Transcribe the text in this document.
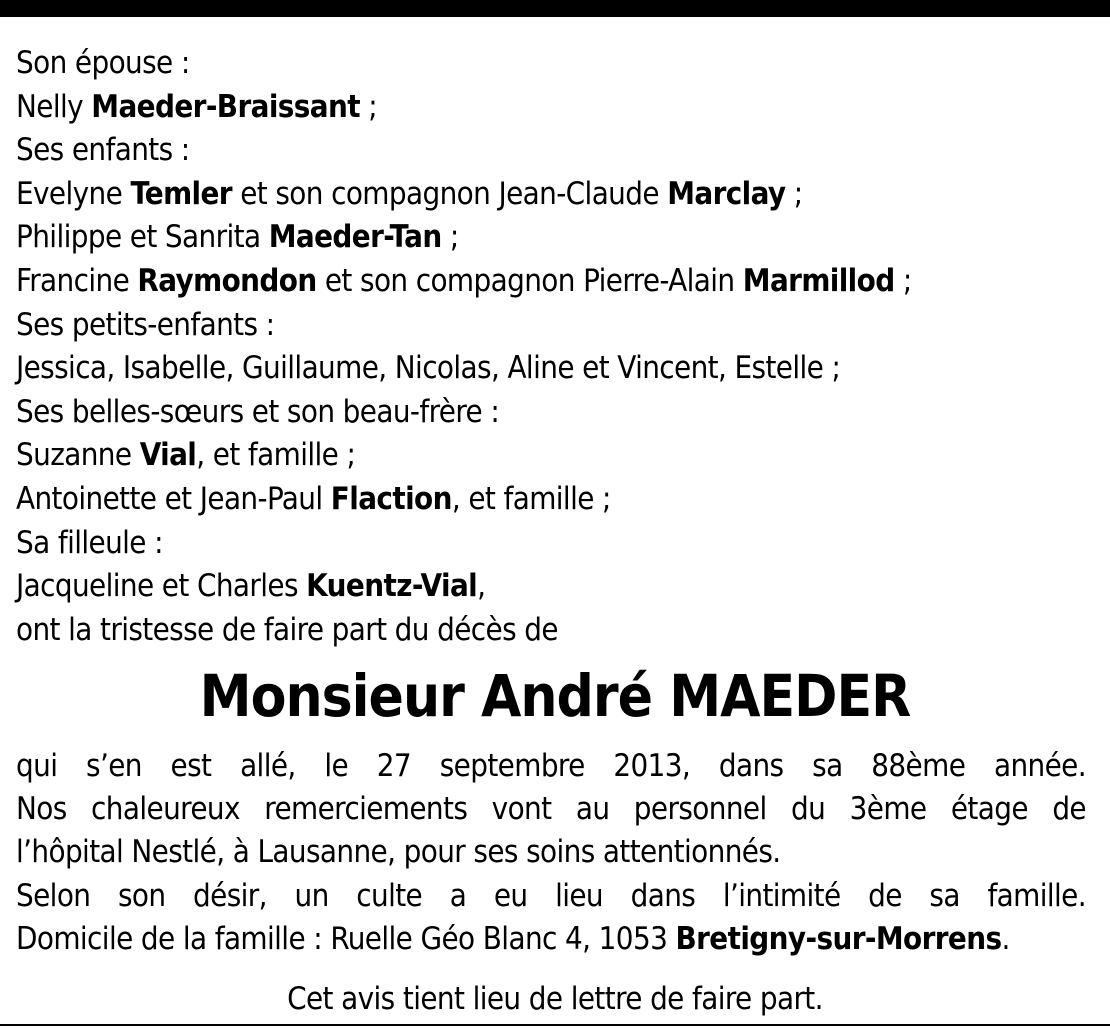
Son épouse :
Nelly Maeder-Braissant ;
Ses enfants :
Evelyne Temler et son compagnon Jean-Claude Marclay ;
Philippe et Sanrita Maeder-Tan ;
Francine Raymondon et son compagnon Pierre-Alain Marmillod ;
Ses petits-enfants :
Jessica, Isabelle, Guillaume, Nicolas, Aline et Vincent, Estelle ;
Ses belles-sœurs et son beau-frère :
Suzanne Vial, et famille ;
Antoinette et Jean-Paul Flaction, et famille ;
Sa filleule :
Jacqueline et Charles Kuentz-Vial,
ont la tristesse de faire part du décès de
Monsieur André MAEDER
qui s’en est allé, le 27 septembre 2013, dans sa 88ème année.
Nos chaleureux remerciements vont au personnel du 3ème étage de
l’hôpital Nestlé, à Lausanne, pour ses soins attentionnés.
Selon son désir, un culte a eu lieu dans l’intimité de sa famille.
Domicile de la famille : Ruelle Géo Blanc 4, 1053 Bretigny-sur-Morrens.
Cet avis tient lieu de lettre de faire part.
